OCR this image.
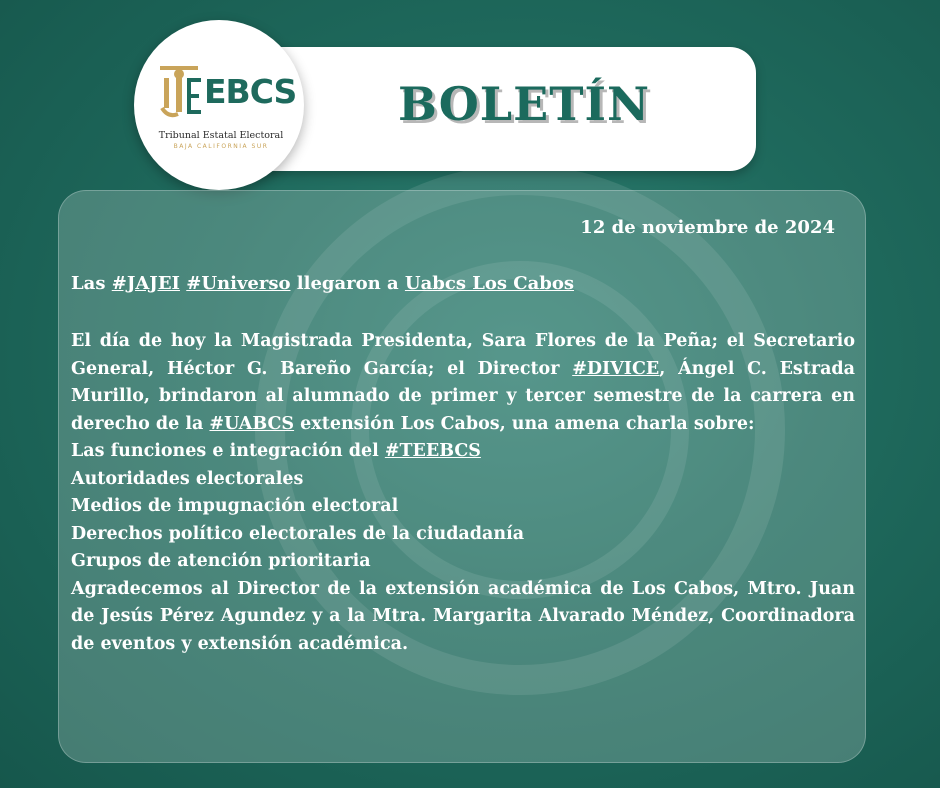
BOLETÍN
EBCS
Tribunal Estatal Electoral
BAJA CALIFORNIA SUR
12 de noviembre de 2024
Las #JAJEI #Universo llegaron a Uabcs Los Cabos
El día de hoy la Magistrada Presidenta, Sara Flores de la Peña; el Secretario General, Héctor G. Bareño García; el Director #DIVICE, Ángel C. Estrada Murillo, brindaron al alumnado de primer y tercer semestre de la carrera en derecho de la #UABCS extensión Los Cabos, una amena charla sobre:
Las funciones e integración del #TEEBCS
Autoridades electorales
Medios de impugnación electoral
Derechos político electorales de la ciudadanía
Grupos de atención prioritaria
Agradecemos al Director de la extensión académica de Los Cabos, Mtro. Juan de Jesús Pérez Agundez y a la Mtra. Margarita Alvarado Méndez, Coordinadora de eventos y extensión académica.
